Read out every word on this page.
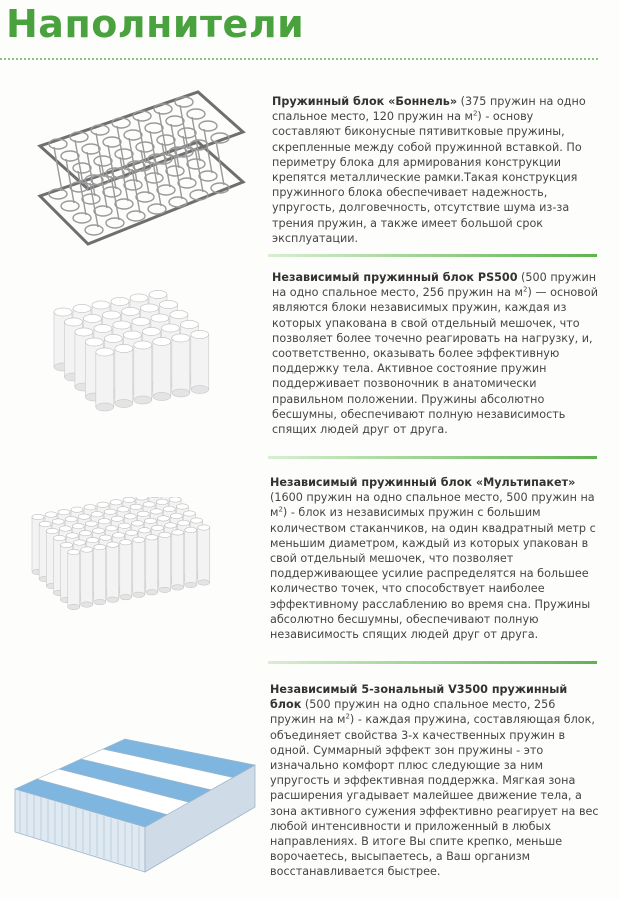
Наполнители
Пружинный блок «Боннель» (375 пружин на одно спальное место, 120 пружин на $м^2$) - основу составляют биконусные пятивитковые пружины, скрепленные между собой пружинной вставкой. По периметру блока для армирования конструкции крепятся металлические рамки.Такая конструкция пружинного блока обеспечивает надежность, упругость, долговечность, отсутствие шума из-за трения пружин, а также имеет большой срок эксплуатации.
Независимый пружинный блок PS500 (500 пружин на одно спальное место, 256 пружин на $м^2$) — основой являются блоки независимых пружин, каждая из которых упакована в свой отдельный мешочек, что позволяет более точечно реагировать на нагрузку, и, соответственно, оказывать более эффективную поддержку тела. Активное состояние пружин поддерживает позвоночник в анатомически правильном положении. Пружины абсолютно бесшумны, обеспечивают полную независимость спящих людей друг от друга.
Независимый пружинный блок «Мультипакет» (1600 пружин на одно спальное место, 500 пружин на $м^2$) - блок из независимых пружин с большим количеством стаканчиков, на один квадратный метр с меньшим диаметром, каждый из которых упакован в свой отдельный мешочек, что позволяет поддерживающее усилие распределятся на большее количество точек, что способствует наиболее эффективному расслаблению во время сна. Пружины абсолютно бесшумны, обеспечивают полную независимость спящих людей друг от друга.
Независимый 5-зональный V3500 пружинный блок (500 пружин на одно спальное место, 256 пружин на $м^2$) - каждая пружина, составляющая блок, объединяет свойства 3-х качественных пружин в одной. Суммарный эффект зон пружины - это изначально комфорт плюс следующие за ним упругость и эффективная поддержка. Мягкая зона расширения угадывает малейшее движение тела, а зона активного сужения эффективно реагирует на вес любой интенсивности и приложенный в любых направлениях. В итоге Вы спите крепко, меньше ворочаетесь, высыпаетесь, а Ваш организм восстанавливается быстрее.
